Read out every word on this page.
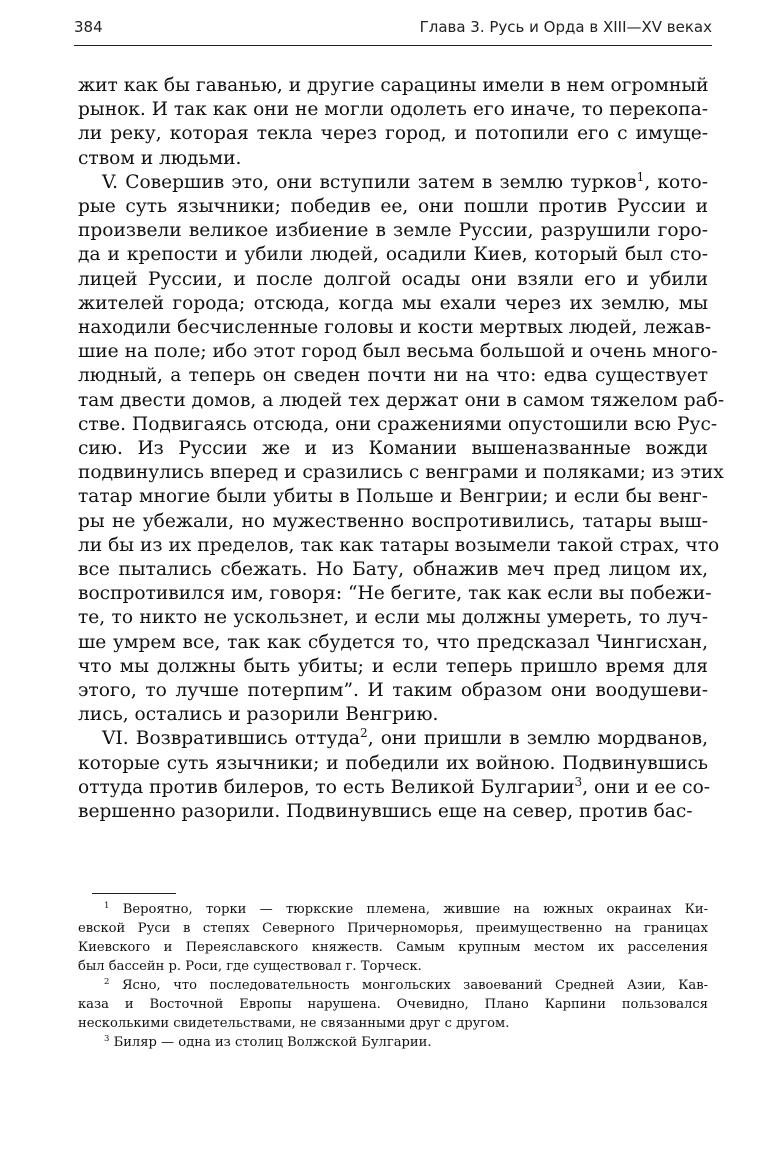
384	Глава 3. Русь и Орда в XIII—XV веках
жит как бы гаванью, и другие сарацины имели в нем огромный
рынок. И так как они не могли одолеть его иначе, то перекопа-
ли реку, которая текла через город, и потопили его с имуще-
ством и людьми.
V. Совершив это, они вступили затем в землю турков$^1$, кото-
рые суть язычники; победив ее, они пошли против Руссии и
произвели великое избиение в земле Руссии, разрушили горо-
да и крепости и убили людей, осадили Киев, который был сто-
лицей Руссии, и после долгой осады они взяли его и убили
жителей города; отсюда, когда мы ехали через их землю, мы
находили бесчисленные головы и кости мертвых людей, лежав-
шие на поле; ибо этот город был весьма большой и очень много-
людный, а теперь он сведен почти ни на что: едва существует
там двести домов, а людей тех держат они в самом тяжелом раб-
стве. Подвигаясь отсюда, они сражениями опустошили всю Рус-
сию. Из Руссии же и из Комании вышеназванные вожди
подвинулись вперед и сразились с венграми и поляками; из этих
татар многие были убиты в Польше и Венгрии; и если бы венг-
ры не убежали, но мужественно воспротивились, татары выш-
ли бы из их пределов, так как татары возымели такой страх, что
все пытались сбежать. Но Бату, обнажив меч пред лицом их,
воспротивился им, говоря: “Не бегите, так как если вы побежи-
те, то никто не ускользнет, и если мы должны умереть, то луч-
ше умрем все, так как сбудется то, что предсказал Чингисхан,
что мы должны быть убиты; и если теперь пришло время для
этого, то лучше потерпим”. И таким образом они воодушеви-
лись, остались и разорили Венгрию.
VI. Возвратившись оттуда$^2$, они пришли в землю мордванов,
которые суть язычники; и победили их войною. Подвинувшись
оттуда против билеров, то есть Великой Булгарии$^3$, они и ее со-
вершенно разорили. Подвинувшись еще на север, против бас-
$^1$ Вероятно, торки — тюркские племена, жившие на южных окраинах Ки-
евской Руси в степях Северного Причерноморья, преимущественно на границах
Киевского и Переяславского княжеств. Самым крупным местом их расселения
был бассейн р. Роси, где существовал г. Торческ.
$^2$ Ясно, что последовательность монгольских завоеваний Средней Азии, Кав-
каза и Восточной Европы нарушена. Очевидно, Плано Карпини пользовался
несколькими свидетельствами, не связанными друг с другом.
$^3$ Биляр — одна из столиц Волжской Булгарии.
